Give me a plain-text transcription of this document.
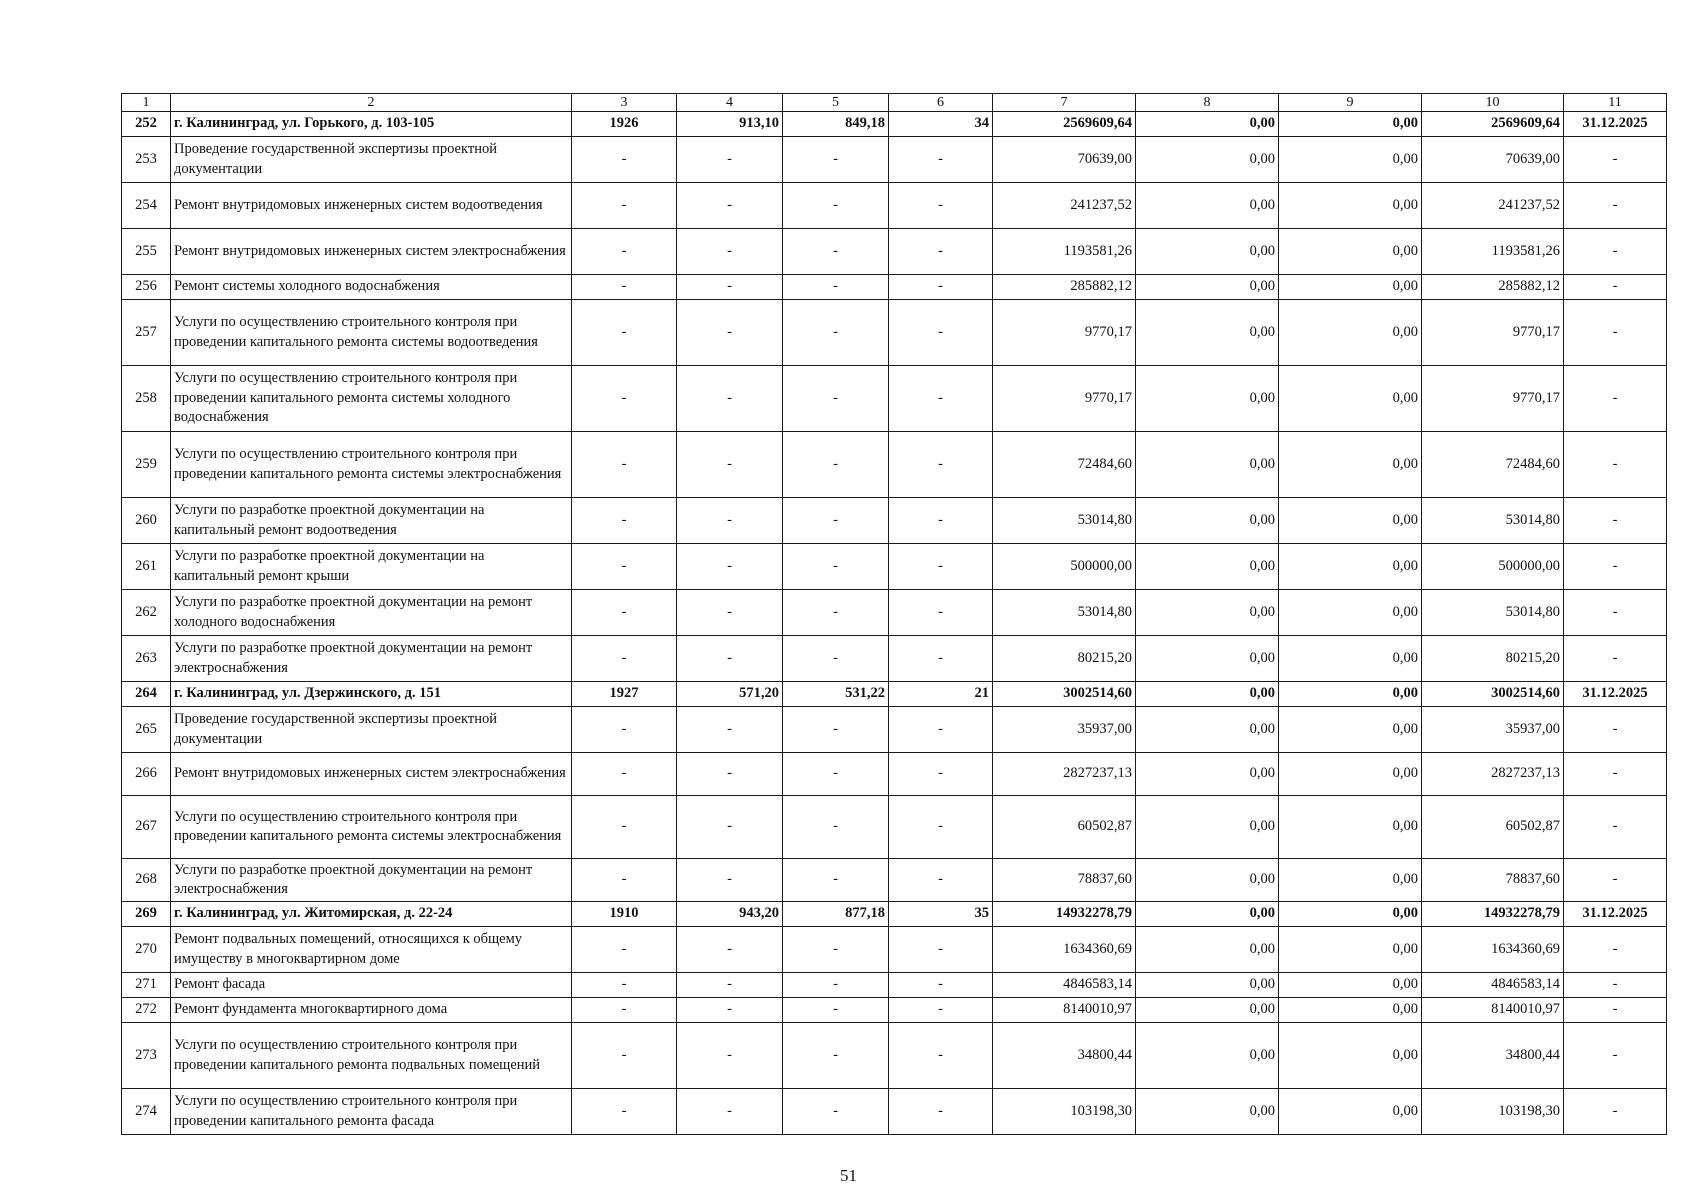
1	2	3	4	5	6	7	8	9	10	11
252	г. Калининград, ул. Горького, д. 103-105	1926	913,10	849,18	34	2569609,64	0,00	0,00	2569609,64	31.12.2025
253	Проведение государственной экспертизы проектной документации	-	-	-	-	70639,00	0,00	0,00	70639,00	-
254	Ремонт внутридомовых инженерных систем водоотведения	-	-	-	-	241237,52	0,00	0,00	241237,52	-
255	Ремонт внутридомовых инженерных систем электроснабжения	-	-	-	-	1193581,26	0,00	0,00	1193581,26	-
256	Ремонт системы холодного водоснабжения	-	-	-	-	285882,12	0,00	0,00	285882,12	-
257	Услуги по осуществлению строительного контроля при проведении капитального ремонта системы водоотведения	-	-	-	-	9770,17	0,00	0,00	9770,17	-
258	Услуги по осуществлению строительного контроля при проведении капитального ремонта системы холодного водоснабжения	-	-	-	-	9770,17	0,00	0,00	9770,17	-
259	Услуги по осуществлению строительного контроля при проведении капитального ремонта системы электроснабжения	-	-	-	-	72484,60	0,00	0,00	72484,60	-
260	Услуги по разработке проектной документации на капитальный ремонт водоотведения	-	-	-	-	53014,80	0,00	0,00	53014,80	-
261	Услуги по разработке проектной документации на капитальный ремонт крыши	-	-	-	-	500000,00	0,00	0,00	500000,00	-
262	Услуги по разработке проектной документации на ремонт холодного водоснабжения	-	-	-	-	53014,80	0,00	0,00	53014,80	-
263	Услуги по разработке проектной документации на ремонт электроснабжения	-	-	-	-	80215,20	0,00	0,00	80215,20	-
264	г. Калининград, ул. Дзержинского, д. 151	1927	571,20	531,22	21	3002514,60	0,00	0,00	3002514,60	31.12.2025
265	Проведение государственной экспертизы проектной документации	-	-	-	-	35937,00	0,00	0,00	35937,00	-
266	Ремонт внутридомовых инженерных систем электроснабжения	-	-	-	-	2827237,13	0,00	0,00	2827237,13	-
267	Услуги по осуществлению строительного контроля при проведении капитального ремонта системы электроснабжения	-	-	-	-	60502,87	0,00	0,00	60502,87	-
268	Услуги по разработке проектной документации на ремонт электроснабжения	-	-	-	-	78837,60	0,00	0,00	78837,60	-
269	г. Калининград, ул. Житомирская, д. 22-24	1910	943,20	877,18	35	14932278,79	0,00	0,00	14932278,79	31.12.2025
270	Ремонт подвальных помещений, относящихся к общему имуществу в многоквартирном доме	-	-	-	-	1634360,69	0,00	0,00	1634360,69	-
271	Ремонт фасада	-	-	-	-	4846583,14	0,00	0,00	4846583,14	-
272	Ремонт фундамента многоквартирного дома	-	-	-	-	8140010,97	0,00	0,00	8140010,97	-
273	Услуги по осуществлению строительного контроля при проведении капитального ремонта подвальных помещений	-	-	-	-	34800,44	0,00	0,00	34800,44	-
274	Услуги по осуществлению строительного контроля при проведении капитального ремонта фасада	-	-	-	-	103198,30	0,00	0,00	103198,30	-
51
